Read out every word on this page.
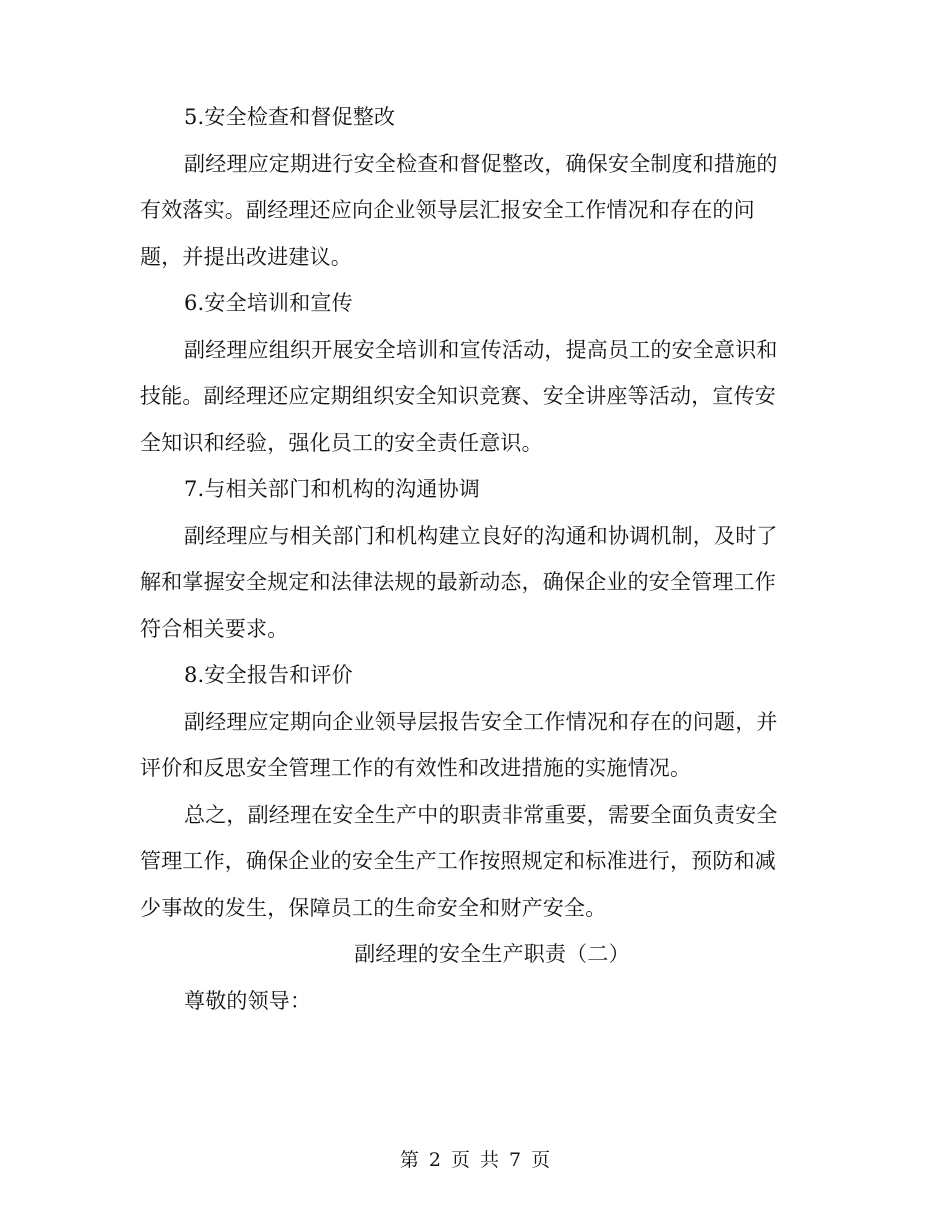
5.安全检查和督促整改
副经理应定期进行安全检查和督促整改，确保安全制度和措施的
有效落实。副经理还应向企业领导层汇报安全工作情况和存在的问
题，并提出改进建议。
6.安全培训和宣传
副经理应组织开展安全培训和宣传活动，提高员工的安全意识和
技能。副经理还应定期组织安全知识竞赛、安全讲座等活动，宣传安
全知识和经验，强化员工的安全责任意识。
7.与相关部门和机构的沟通协调
副经理应与相关部门和机构建立良好的沟通和协调机制，及时了
解和掌握安全规定和法律法规的最新动态，确保企业的安全管理工作
符合相关要求。
8.安全报告和评价
副经理应定期向企业领导层报告安全工作情况和存在的问题，并
评价和反思安全管理工作的有效性和改进措施的实施情况。
总之，副经理在安全生产中的职责非常重要，需要全面负责安全
管理工作，确保企业的安全生产工作按照规定和标准进行，预防和减
少事故的发生，保障员工的生命安全和财产安全。
副经理的安全生产职责（二）
尊敬的领导：
第 2 页 共 7 页
